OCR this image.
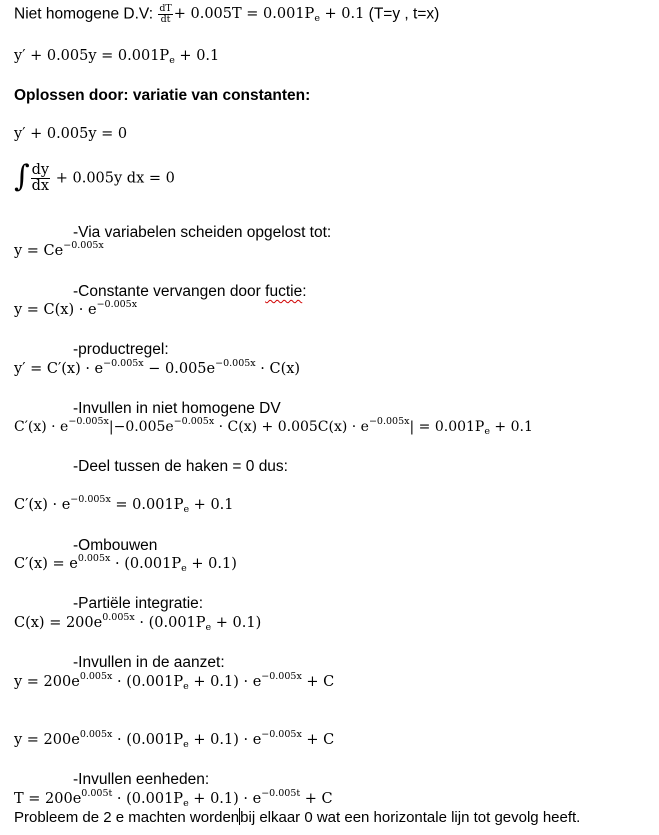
Niet homogene D.V: $\frac{dT}{dt} + 0.005T = 0.001P_e + 0.1$ (T=y , t=x)
$y' + 0.005y = 0.001P_e + 0.1$
Oplossen door: variatie van constanten:
y′ + 0.005y = 0
∫ $\frac{dy}{dx} + 0.005y$ dx = 0
-Via variabelen scheiden opgelost tot:
$y = Ce^{-0.005x}$
-Constante vervangen door fuctie:
$y = C(x) \cdot e^{-0.005x}$
-productregel:
$y' = C'(x) \cdot e^{-0.005x} - 0.005e^{-0.005x} \cdot C(x)$
-Invullen in niet homogene DV
$C'(x) \cdot e^{-0.005x}|-0.005e^{-0.005x} \cdot C(x) + 0.005C(x) \cdot e^{-0.005x}| = 0.001P_e + 0.1$
-Deel tussen de haken = 0 dus:
$C'(x) \cdot e^{-0.005x} = 0.001P_e + 0.1$
-Ombouwen
$C'(x) = e^{0.005x} \cdot (0.001P_e + 0.1)$
-Partiële integratie:
$C(x) = 200e^{0.005x} \cdot (0.001P_e + 0.1)$
-Invullen in de aanzet:
$y = 200e^{0.005x} \cdot (0.001P_e + 0.1) \cdot e^{-0.005x} + C$
$y = 200e^{0.005x} \cdot (0.001P_e + 0.1) \cdot e^{-0.005x} + C$
-Invullen eenheden:
$T = 200e^{0.005t} \cdot (0.001P_e + 0.1) \cdot e^{-0.005t} + C$
Probleem de 2 e machten wordenbij elkaar 0 wat een horizontale lijn tot gevolg heeft.
